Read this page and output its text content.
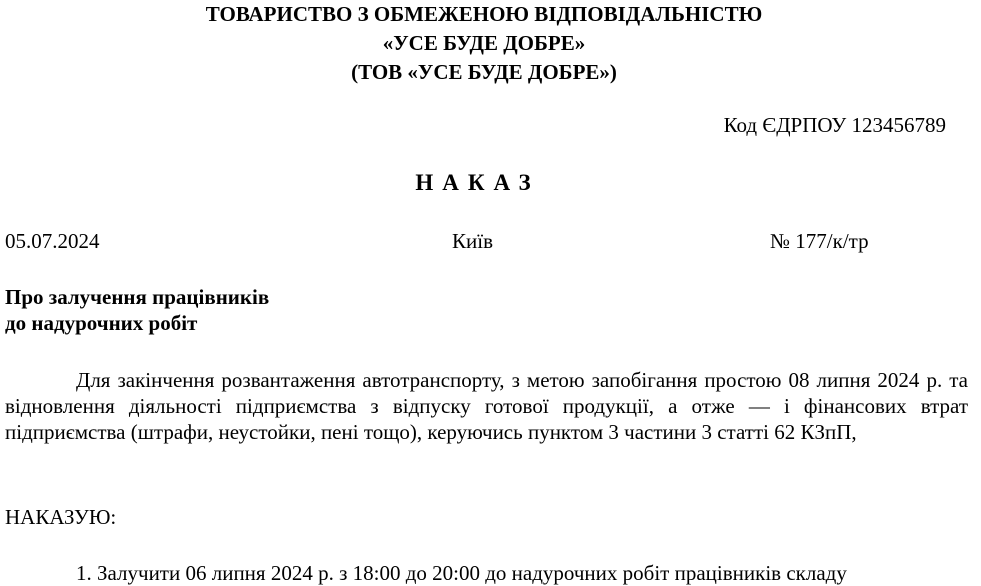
ТОВАРИСТВО З ОБМЕЖЕНОЮ ВІДПОВІДАЛЬНІСТЮ
«УСЕ БУДЕ ДОБРЕ»
(ТОВ «УСЕ БУДЕ ДОБРЕ»)
Код ЄДРПОУ 123456789
НАКАЗ
05.07.2024	Київ	№ 177/к/тр
Про залучення працівників
до надурочних робіт

Для закінчення розвантаження автотранспорту, з метою запобігання простою 08 липня 2024 р. та відновлення діяльності підприємства з відпуску готової продукції, а отже — і фінансових втрат підприємства (штрафи, неустойки, пені тощо), керуючись пунктом 3 частини 3 статті 62 КЗпП,

НАКАЗУЮ:

1. Залучити 06 липня 2024 р. з 18:00 до 20:00 до надурочних робіт працівників складу
